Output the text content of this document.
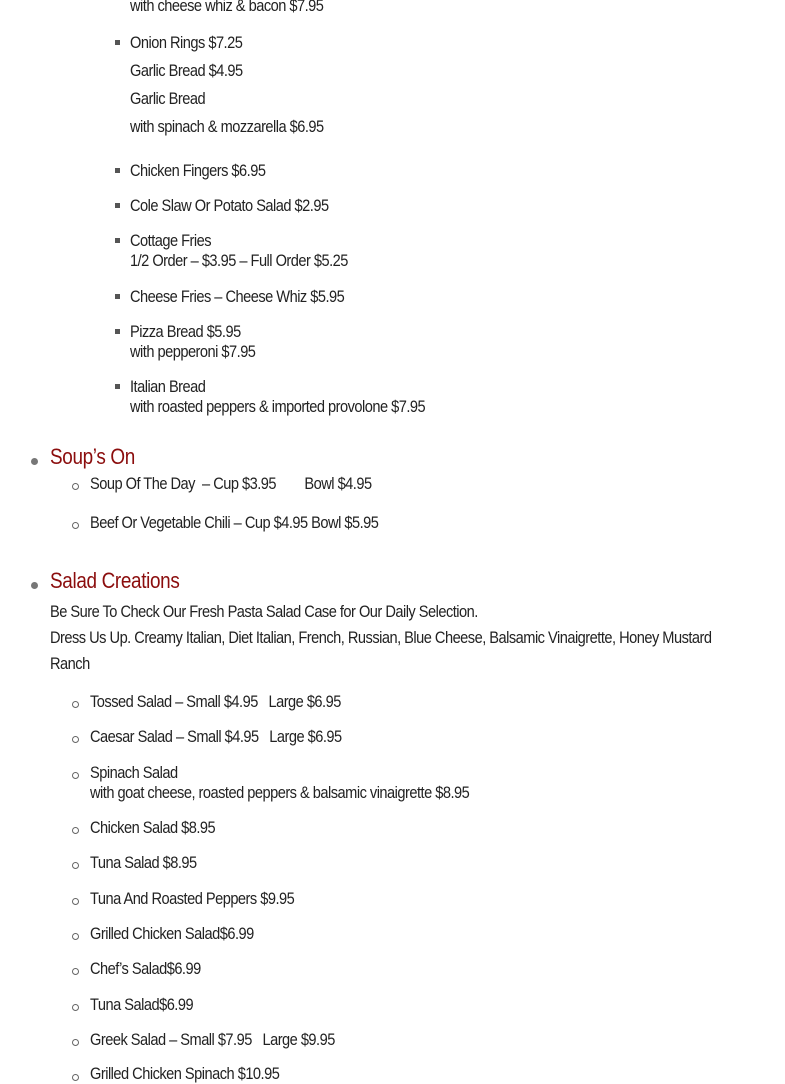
with cheese whiz & bacon $7.95
Onion Rings $7.25
Garlic Bread $4.95
Garlic Bread
with spinach & mozzarella $6.95
Chicken Fingers $6.95
Cole Slaw Or Potato Salad $2.95
Cottage Fries
1/2 Order – $3.95 – Full Order $5.25
Cheese Fries – Cheese Whiz $5.95
Pizza Bread $5.95
with pepperoni $7.95
Italian Bread
with roasted peppers & imported provolone $7.95
Soup’s On
Soup Of The Day  – Cup $3.95        Bowl $4.95
Beef Or Vegetable Chili – Cup $4.95 Bowl $5.95
Salad Creations
Be Sure To Check Our Fresh Pasta Salad Case for Our Daily Selection.
Dress Us Up. Creamy Italian, Diet Italian, French, Russian, Blue Cheese, Balsamic Vinaigrette, Honey Mustard Ranch
Tossed Salad – Small $4.95   Large $6.95
Caesar Salad – Small $4.95   Large $6.95
Spinach Salad
with goat cheese, roasted peppers & balsamic vinaigrette $8.95
Chicken Salad $8.95
Tuna Salad $8.95
Tuna And Roasted Peppers $9.95
Grilled Chicken Salad$6.99
Chef’s Salad$6.99
Tuna Salad$6.99
Greek Salad – Small $7.95   Large $9.95
Grilled Chicken Spinach $10.95
